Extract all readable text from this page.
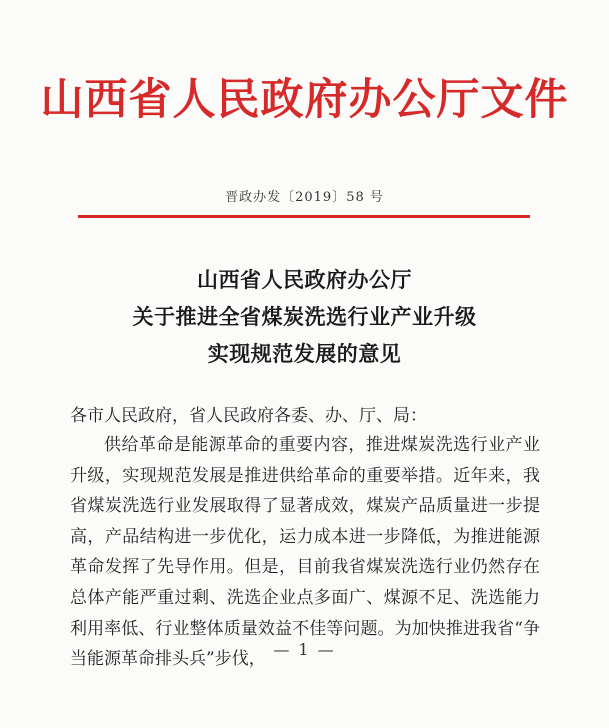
山西省人民政府办公厅文件
晋政办发〔2019〕58 号
山西省人民政府办公厅
关于推进全省煤炭洗选行业产业升级
实现规范发展的意见
各市人民政府，省人民政府各委、办、厅、局：

供给革命是能源革命的重要内容，推进煤炭洗选行业产业升级，实现规范发展是推进供给革命的重要举措。近年来，我省煤炭洗选行业发展取得了显著成效，煤炭产品质量进一步提高，产品结构进一步优化，运力成本进一步降低，为推进能源革命发挥了先导作用。但是，目前我省煤炭洗选行业仍然存在总体产能严重过剩、洗选企业点多面广、煤源不足、洗选能力利用率低、行业整体质量效益不佳等问题。为加快推进我省“争当能源革命排头兵”步伐， — 1 —
